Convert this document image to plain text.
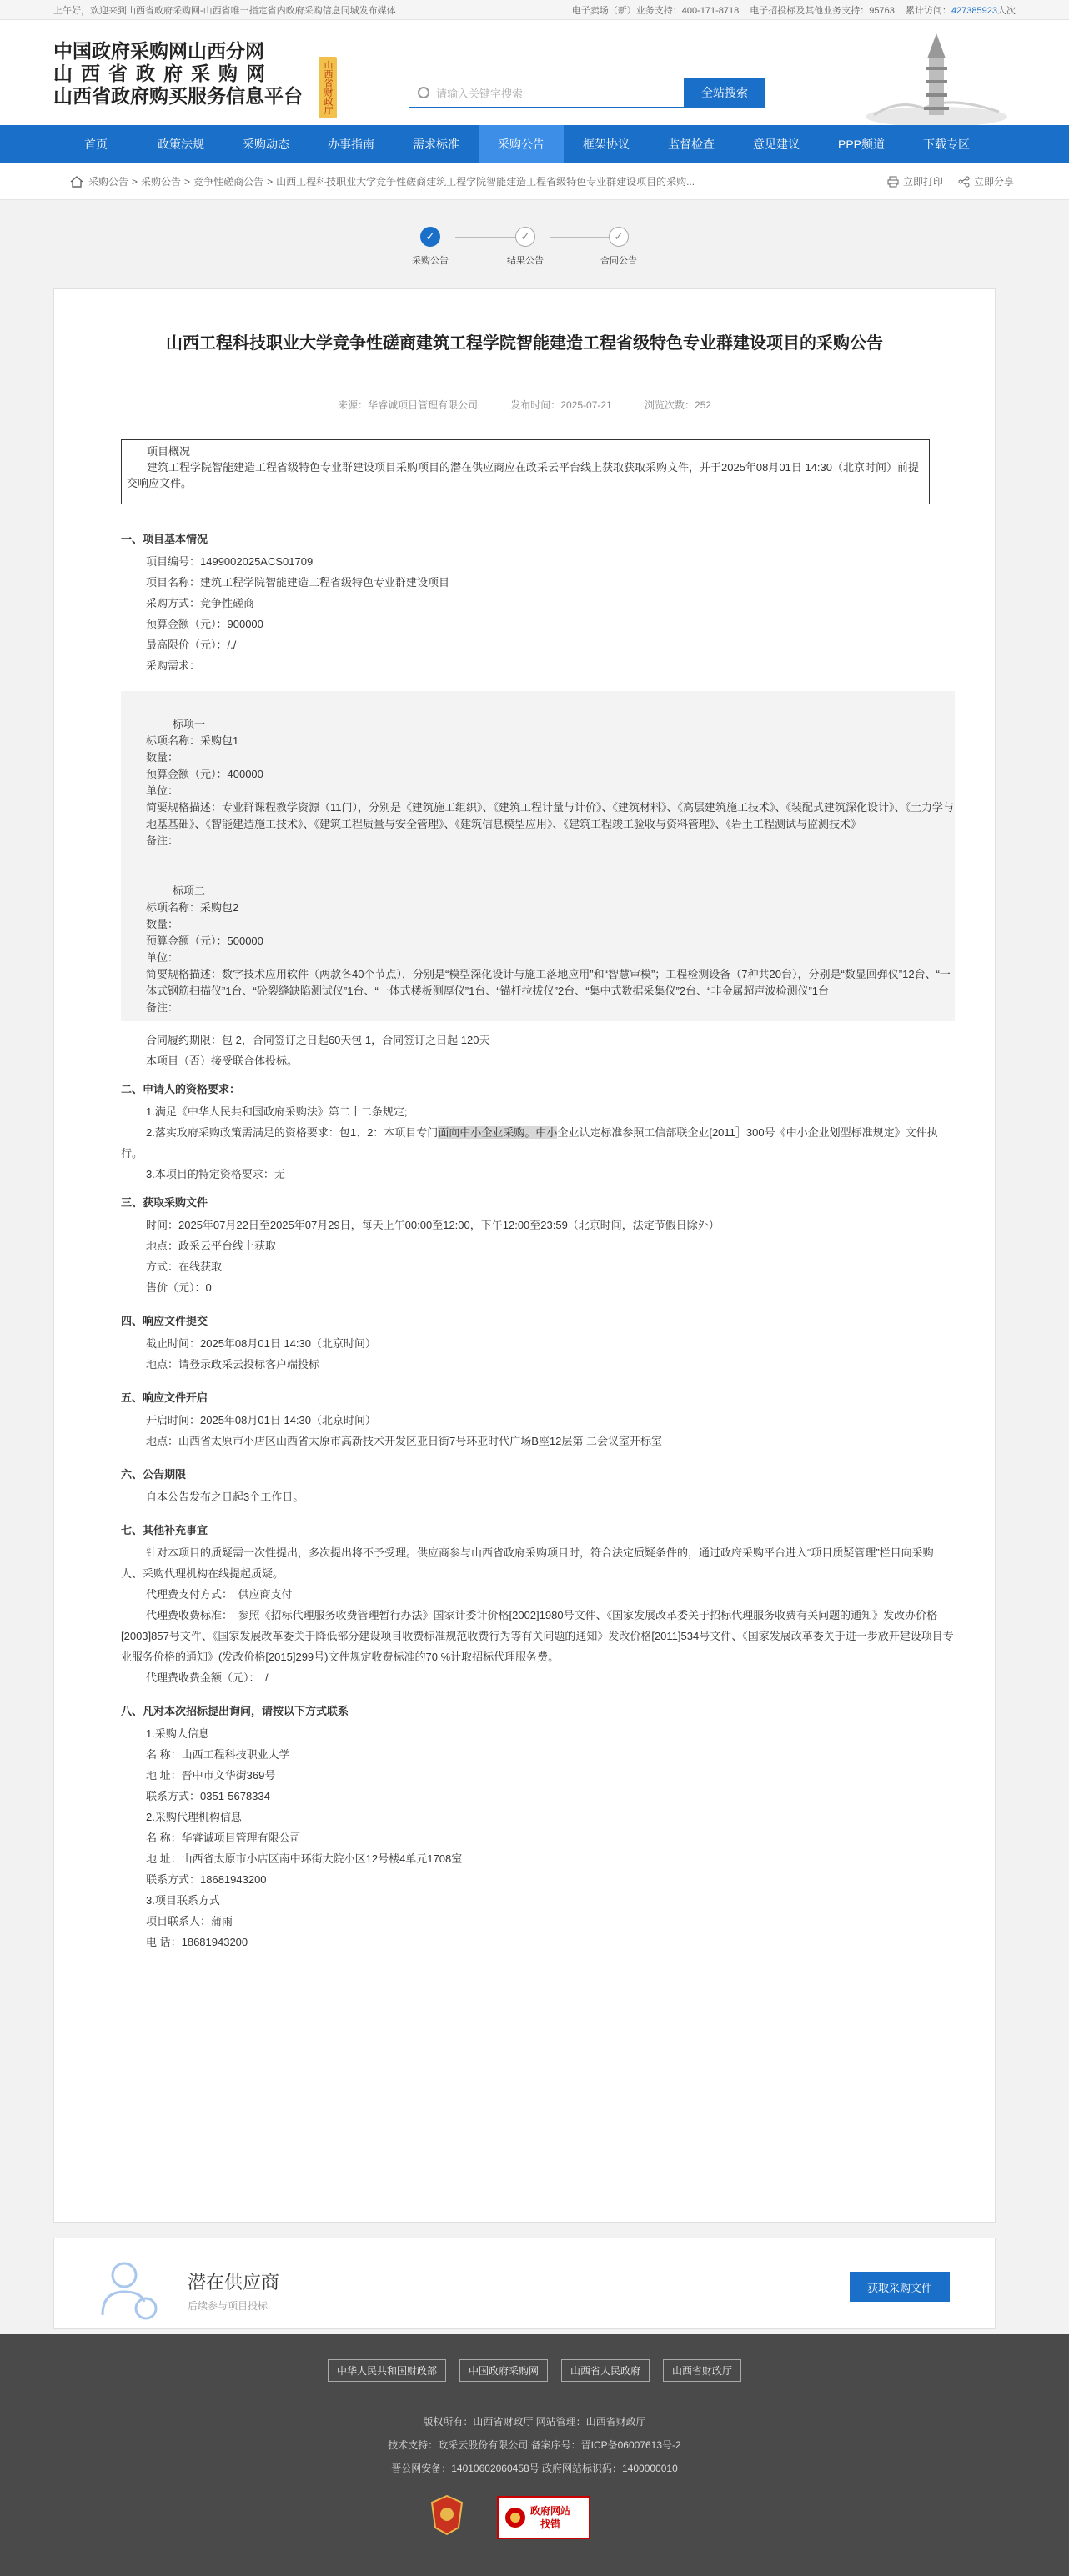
上午好，欢迎来到山西省政府采购网-山西省唯一指定省内政府采购信息同城发布媒体	电子卖场（新）业务支持：400-171-8718 电子招投标及其他业务支持：95763 累计访问：427385923人次
中国政府采购网山西分网
山西省政府采购网
山西省政府购买服务信息平台	山西省财政厅	请输入关键字搜索	全站搜索
首页	政策法规	采购动态	办事指南	需求标准	采购公告	框架协议	监督检查	意见建议	PPP频道	下载专区
采购公告 > 采购公告 > 竞争性磋商公告 > 山西工程科技职业大学竞争性磋商建筑工程学院智能建造工程省级特色专业群建设项目的采购...	立即打印	立即分享
✓
采购公告
✓
结果公告
✓
合同公告
山西工程科技职业大学竞争性磋商建筑工程学院智能建造工程省级特色专业群建设项目的采购公告
来源：华睿诚项目管理有限公司	发布时间：2025-07-21	浏览次数：252
项目概况
建筑工程学院智能建造工程省级特色专业群建设项目采购项目的潜在供应商应在政采云平台线上获取获取采购文件，并于2025年08月01日 14:30（北京时间）前提交响应文件。
一、项目基本情况
项目编号：1499002025ACS01709
项目名称：建筑工程学院智能建造工程省级特色专业群建设项目
采购方式：竞争性磋商
预算金额（元）：900000
最高限价（元）：/./
采购需求：
标项一
标项名称：采购包1
数量：
预算金额（元）：400000
单位：
简要规格描述：专业群课程教学资源（11门），分别是《建筑施工组织》、《建筑工程计量与计价》、《建筑材料》、《高层建筑施工技术》、《装配式建筑深化设计》、《土力学与地基基础》、《智能建造施工技术》、《建筑工程质量与安全管理》、《建筑信息模型应用》、《建筑工程竣工验收与资料管理》、《岩土工程测试与监测技术》
备注：
标项二
标项名称：采购包2
数量：
预算金额（元）：500000
单位：
简要规格描述：数字技术应用软件（两款各40个节点），分别是“模型深化设计与施工落地应用”和“智慧审模”；工程检测设备（7种共20台），分别是“数显回弹仪”12台、“一体式钢筋扫描仪”1台、“砼裂缝缺陷测试仪”1台、“一体式楼板测厚仪”1台、“锚杆拉拔仪”2台、“集中式数据采集仪”2台、“非金属超声波检测仪”1台
备注：
合同履约期限：包 2，合同签订之日起60天包 1，合同签订之日起 120天
本项目（否）接受联合体投标。
二、申请人的资格要求：
1.满足《中华人民共和国政府采购法》第二十二条规定;
2.落实政府采购政策需满足的资格要求：包1、2：本项目专门面向中小企业采购。中小企业认定标准参照工信部联企业[2011］300号《中小企业划型标准规定》文件执行。
3.本项目的特定资格要求：无
三、获取采购文件
时间：2025年07月22日至2025年07月29日，每天上午00:00至12:00，下午12:00至23:59（北京时间，法定节假日除外）
地点：政采云平台线上获取
方式：在线获取
售价（元）：0
四、响应文件提交
截止时间：2025年08月01日 14:30（北京时间）
地点：请登录政采云投标客户端投标
五、响应文件开启
开启时间：2025年08月01日 14:30（北京时间）
地点：山西省太原市小店区山西省太原市高新技术开发区亚日街7号环亚时代广场B座12层第 二会议室开标室
六、公告期限
自本公告发布之日起3个工作日。
七、其他补充事宜
针对本项目的质疑需一次性提出，多次提出将不予受理。供应商参与山西省政府采购项目时，符合法定质疑条件的，通过政府采购平台进入“项目质疑管理”栏目向采购人、采购代理机构在线提起质疑。
代理费支付方式：　供应商支付
代理费收费标准：　参照《招标代理服务收费管理暂行办法》国家计委计价格[2002]1980号文件、《国家发展改革委关于招标代理服务收费有关问题的通知》发改办价格[2003]857号文件、《国家发展改革委关于降低部分建设项目收费标准规范收费行为等有关问题的通知》发改价格[2011]534号文件、《国家发展改革委关于进一步放开建设项目专业服务价格的通知》(发改价格[2015]299号)文件规定收费标准的70 %计取招标代理服务费。
代理费收费金额（元）：　/
八、凡对本次招标提出询问，请按以下方式联系
1.采购人信息
名 称：山西工程科技职业大学
地 址：晋中市文华街369号
联系方式：0351-5678334
2.采购代理机构信息
名 称：华睿诚项目管理有限公司
地 址：山西省太原市小店区南中环街大院小区12号楼4单元1708室
联系方式：18681943200
3.项目联系方式
项目联系人：蒲雨
电 话：18681943200
潜在供应商
后续参与项目投标
获取采购文件
中华人民共和国财政部	中国政府采购网	山西省人民政府	山西省财政厅
版权所有：山西省财政厅 网站管理：山西省财政厅
技术支持：政采云股份有限公司 备案序号：晋ICP备06007613号-2
晋公网安备：14010602060458号 政府网站标识码：1400000010
政府网站
找错
